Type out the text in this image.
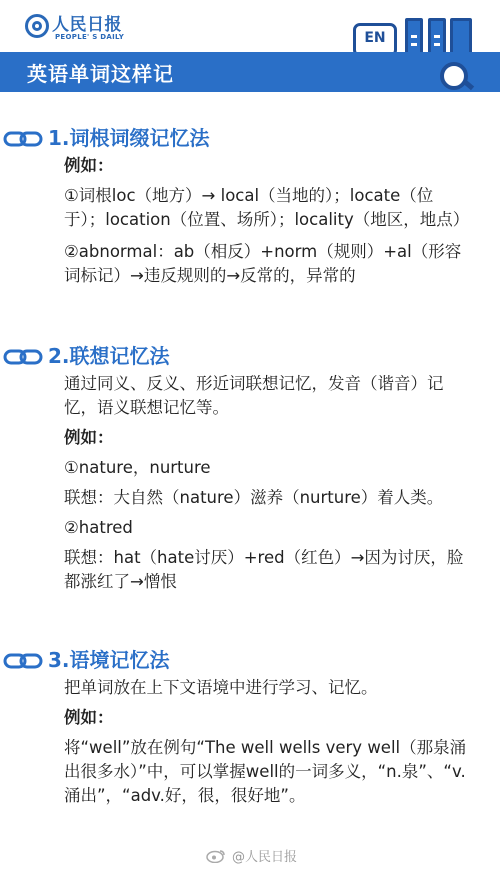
人民日报
PEOPLE' S DAILY	EN
英语单词这样记
1.词根词缀记忆法
例如：
①词根loc（地方）→ local（当地的）；locate（位于）；location（位置、场所）；locality（地区，地点）
②abnormal：ab（相反）+norm（规则）+al（形容词标记）→违反规则的→反常的，异常的
2.联想记忆法
通过同义、反义、形近词联想记忆，发音（谐音）记忆，语义联想记忆等。
例如：
①nature，nurture
联想：大自然（nature）滋养（nurture）着人类。
②hatred
联想：hat（hate讨厌）+red（红色）→因为讨厌，脸都涨红了→憎恨
3.语境记忆法
把单词放在上下文语境中进行学习、记忆。
例如：
将“well”放在例句“The well wells very well（那泉涌出很多水）”中，可以掌握well的一词多义，“n.泉”、“v.涌出”，“adv.好，很，很好地”。
@人民日报
